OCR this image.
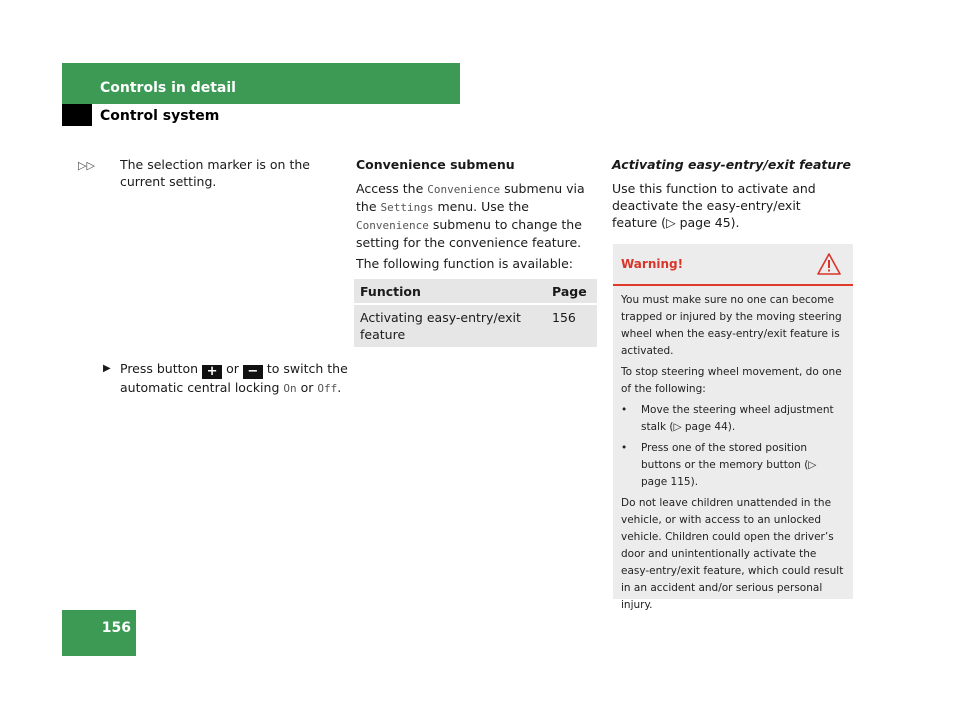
Controls in detail
Control system
▷▷ The selection marker is on the current setting.
▶ Press button + or − to switch the automatic central locking On or Off.
Convenience submenu
Access the Convenience submenu via the Settings menu. Use the Convenience submenu to change the setting for the convenience feature.
The following function is available:
Function	Page
Activating easy-entry/exit feature	156
Activating easy-entry/exit feature
Use this function to activate and deactivate the easy-entry/exit feature (▷ page 45).
Warning!

You must make sure no one can become trapped or injured by the moving steering wheel when the easy-entry/exit feature is activated.

To stop steering wheel movement, do one of the following:

•	Move the steering wheel adjustment stalk (▷ page 44).
•	Press one of the stored position buttons or the memory button (▷ page 115).

Do not leave children unattended in the vehicle, or with access to an unlocked vehicle. Children could open the driver’s door and unintentionally activate the easy-entry/exit feature, which could result in an accident and/or serious personal injury.

156
